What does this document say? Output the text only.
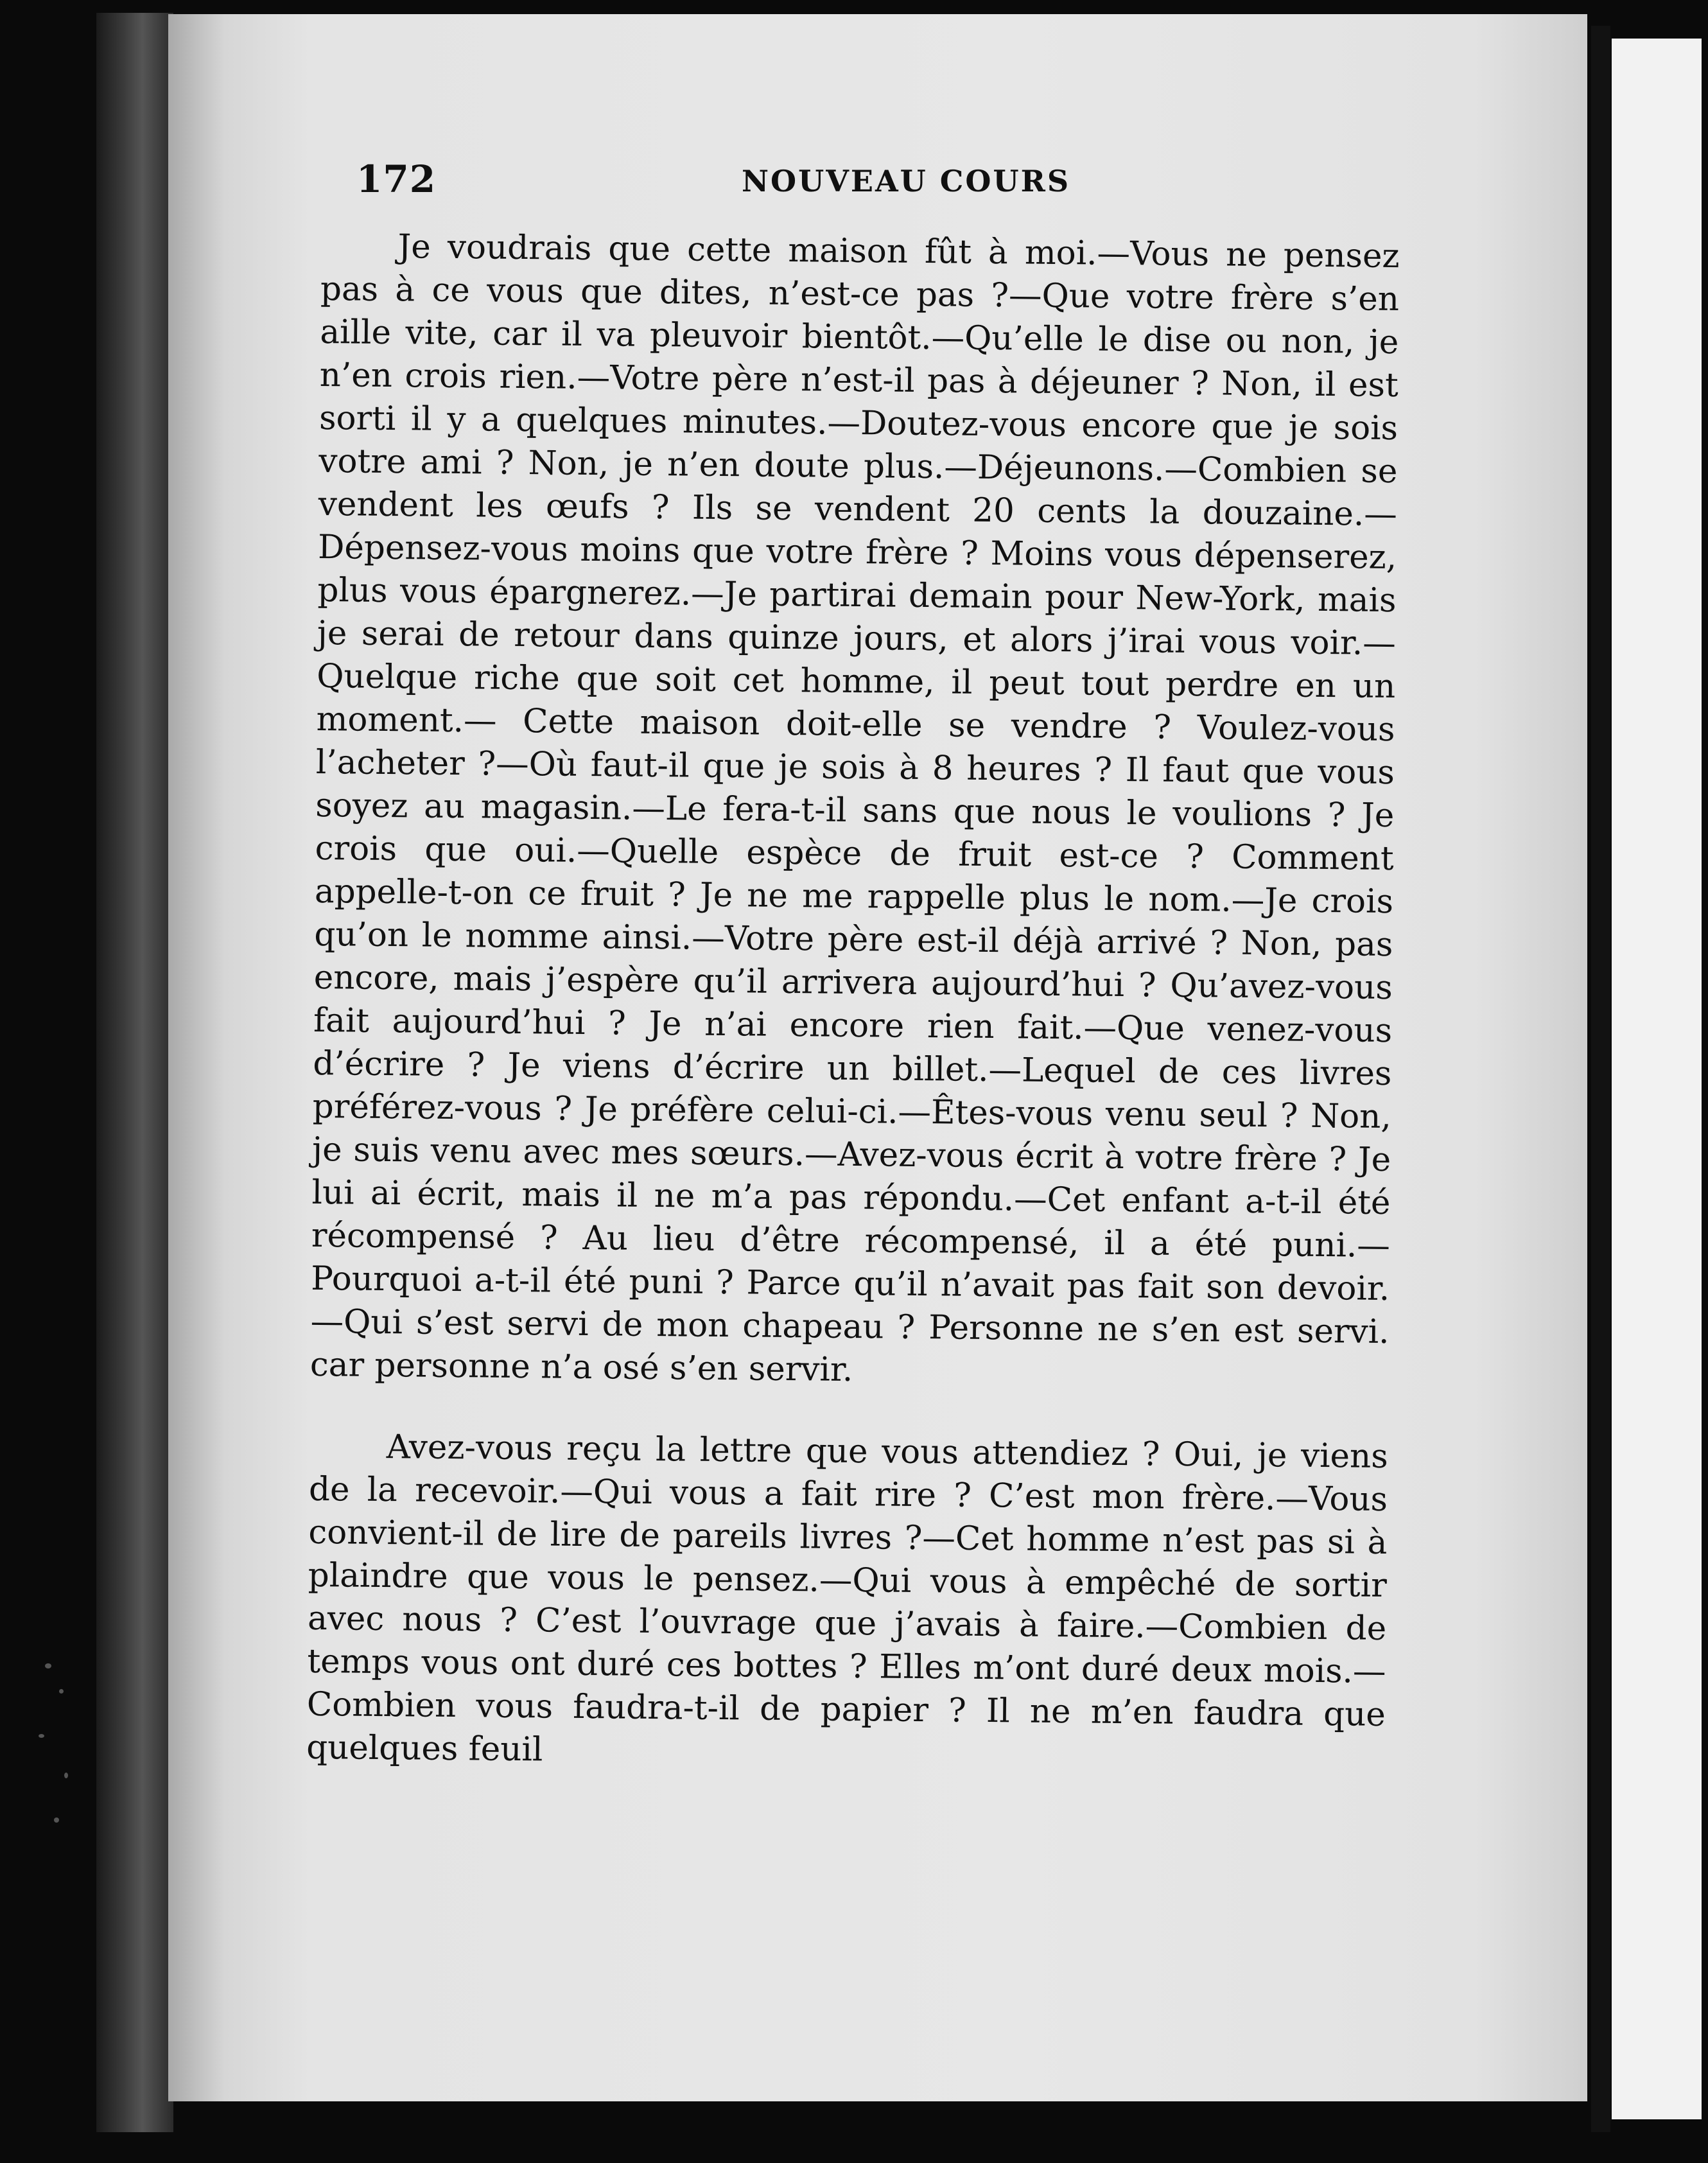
172	NOUVEAU COURS

Je voudrais que cette maison fût à moi.—Vous ne pensez pas à ce vous que dites, n’est-ce pas ?—Que votre frère s’en aille vite, car il va pleuvoir bientôt.—Qu’elle le dise ou non, je n’en crois rien.—Votre père n’est-il pas à déjeuner ? Non, il est sorti il y a quelques minutes.—Doutez-vous encore que je sois votre ami ? Non, je n’en doute plus.—Déjeunons.—Combien se vendent les œufs ? Ils se vendent 20 cents la douzaine.—Dépensez-vous moins que votre frère ? Moins vous dépenserez, plus vous épargnerez.—Je partirai demain pour New-York, mais je serai de retour dans quinze jours, et alors j’irai vous voir.—Quelque riche que soit cet homme, il peut tout perdre en un moment.— Cette maison doit-elle se vendre ? Voulez-vous l’acheter ?—Où faut-il que je sois à 8 heures ? Il faut que vous soyez au magasin.—Le fera-t-il sans que nous le voulions ? Je crois que oui.—Quelle espèce de fruit est-ce ? Comment appelle-t-on ce fruit ? Je ne me rappelle plus le nom.—Je crois qu’on le nomme ainsi.—Votre père est-il déjà arrivé ? Non, pas encore, mais j’espère qu’il arrivera aujourd’hui ? Qu’avez-vous fait aujourd’hui ? Je n’ai encore rien fait.—Que venez-vous d’écrire ? Je viens d’écrire un billet.—Lequel de ces livres préférez-vous ? Je préfère celui-ci.—Êtes-vous venu seul ? Non, je suis venu avec mes sœurs.—Avez-vous écrit à votre frère ? Je lui ai écrit, mais il ne m’a pas répondu.—Cet enfant a-t-il été récompensé ? Au lieu d’être récompensé, il a été puni.—Pourquoi a-t-il été puni ? Parce qu’il n’avait pas fait son devoir.—Qui s’est servi de mon chapeau ? Personne ne s’en est servi. car personne n’a osé s’en servir.

Avez-vous reçu la lettre que vous attendiez ? Oui, je viens de la recevoir.—Qui vous a fait rire ? C’est mon frère.—Vous convient-il de lire de pareils livres ?—Cet homme n’est pas si à plaindre que vous le pensez.—Qui vous à empêché de sortir avec nous ? C’est l’ouvrage que j’avais à faire.—Combien de temps vous ont duré ces bottes ? Elles m’ont duré deux mois.—Combien vous faudra-t-il de papier ? Il ne m’en faudra que quelques feuil
